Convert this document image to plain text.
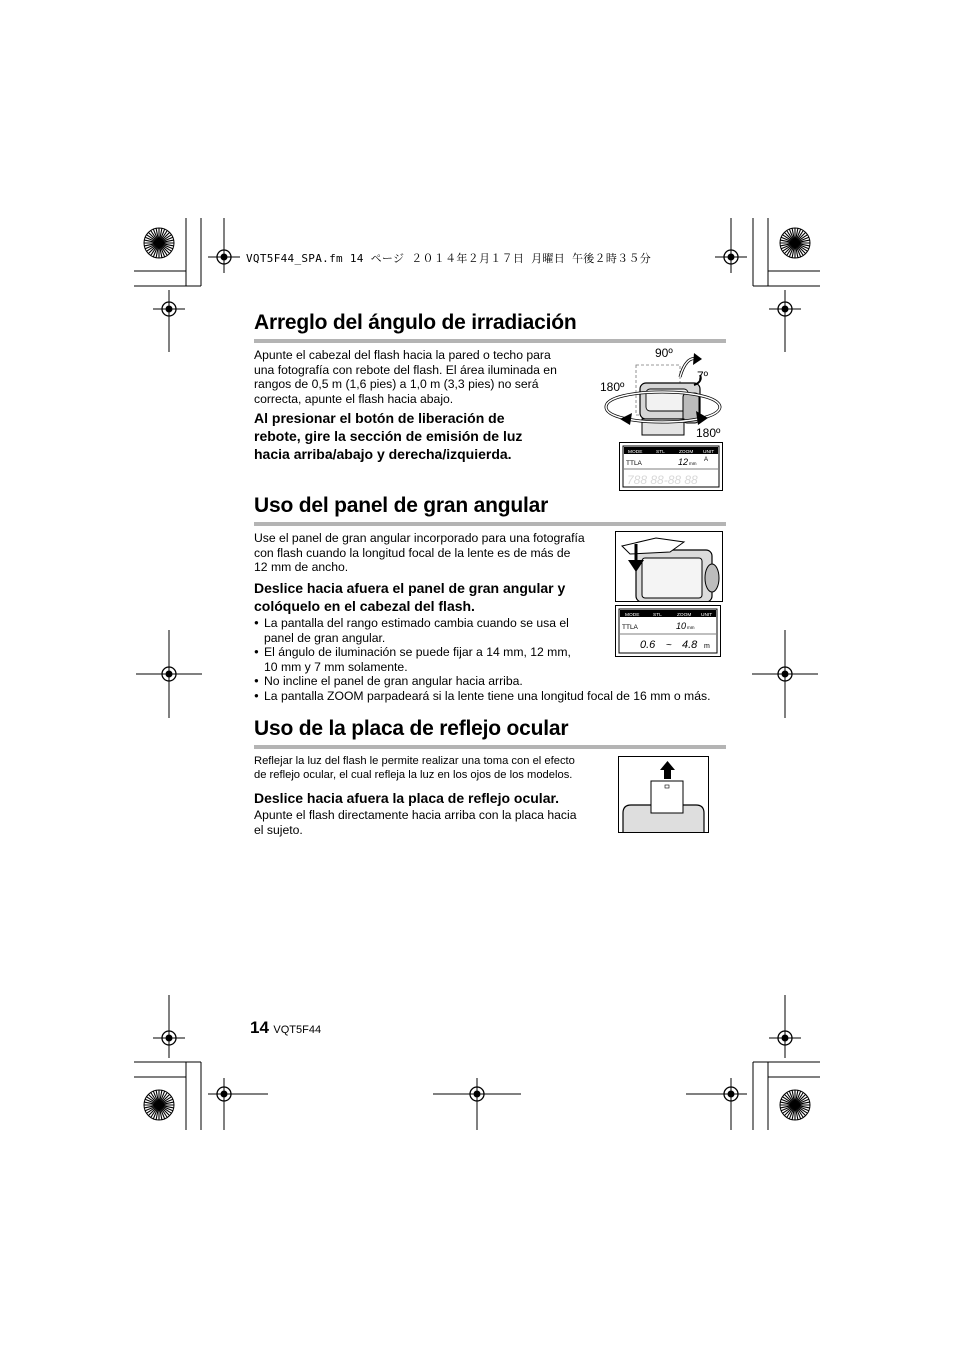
VQT5F44_SPA.fm 14 ページ ２０１４年２月１７日 月曜日 午後２時３５分
Arreglo del ángulo de irradiación
Apunte el cabezal del flash hacia la pared o techo para
una fotografía con rebote del flash. El área iluminada en
rangos de 0,5 m (1,6 pies) a 1,0 m (3,3 pies) no será
correcta, apunte el flash hacia abajo.
Al presionar el botón de liberación de
rebote, gire la sección de emisión de luz
hacia arriba/abajo y derecha/izquierda.
90º
7º
180º
180º
MODE	STL	ZOOM UNIT
TTLA	12 mm
A
788 88-88 88
Uso del panel de gran angular
Use el panel de gran angular incorporado para una fotografía
con flash cuando la longitud focal de la lente es de más de
12 mm de ancho.
Deslice hacia afuera el panel de gran angular y
colóquelo en el cabezal del flash.
● La pantalla del rango estimado cambia cuando se usa el
panel de gran angular.
● El ángulo de iluminación se puede fijar a 14 mm, 12 mm,
10 mm y 7 mm solamente.
● No incline el panel de gran angular hacia arriba.
● La pantalla ZOOM parpadeará si la lente tiene una longitud focal de 16 mm o más.
MODE	STL	ZOOM UNIT
TTLA	10 mm
0.6 ~ 4.8 m
Uso de la placa de reflejo ocular
Reflejar la luz del flash le permite realizar una toma con el efecto
de reflejo ocular, el cual refleja la luz en los ojos de los modelos.
Deslice hacia afuera la placa de reflejo ocular.
Apunte el flash directamente hacia arriba con la placa hacia
el sujeto.
14 VQT5F44
